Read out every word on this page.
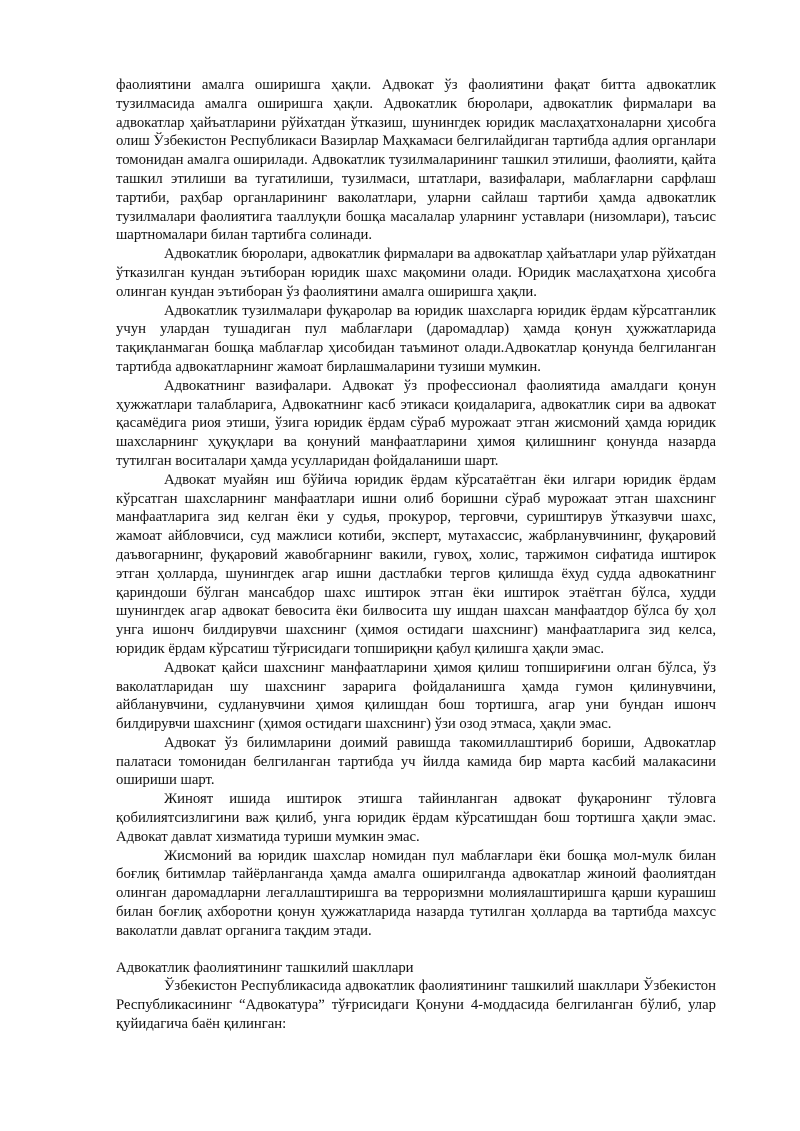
фаолиятини амалга оширишга ҳақли. Адвокат ўз фаолиятини фақат битта адвокатлик тузилмасида амалга оширишга ҳақли. Адвокатлик бюролари, адвокатлик фирмалари ва адвокатлар ҳайъатларини рўйхатдан ўтказиш, шунингдек юридик маслаҳатхоналарни ҳисобга олиш Ўзбекистон Республикаси Вазирлар Маҳкамаси белгилайдиган тартибда адлия органлари томонидан амалга оширилади. Адвокатлик тузилмаларининг ташкил этилиши, фаолияти, қайта ташкил этилиши ва тугатилиши, тузилмаси, штатлари, вазифалари, маблағларни сарфлаш тартиби, раҳбар органларининг ваколатлари, уларни сайлаш тартиби ҳамда адвокатлик тузилмалари фаолиятига тааллуқли бошқа масалалар уларнинг уставлари (низомлари), таъсис шартномалари билан тартибга солинади.

Адвокатлик бюролари, адвокатлик фирмалари ва адвокатлар ҳайъатлари улар рўйхатдан ўтказилган кундан эътиборан юридик шахс мақомини олади. Юридик маслаҳатхона ҳисобга олинган кундан эътиборан ўз фаолиятини амалга оширишга ҳақли.

Адвокатлик тузилмалари фуқаролар ва юридик шахсларга юридик ёрдам кўрсатганлик учун улардан тушадиган пул маблағлари (даромадлар) ҳамда қонун ҳужжатларида тақиқланмаган бошқа маблағлар ҳисобидан таъминот олади.Адвокатлар қонунда белгиланган тартибда адвокатларнинг жамоат бирлашмаларини тузиши мумкин.

Адвокатнинг вазифалари. Адвокат ўз профессионал фаолиятида амалдаги қонун ҳужжатлари талабларига, Адвокатнинг касб этикаси қоидаларига, адвокатлик сири ва адвокат қасамёдига риоя этиши, ўзига юридик ёрдам сўраб мурожаат этган жисмоний ҳамда юридик шахсларнинг ҳуқуқлари ва қонуний манфаатларини ҳимоя қилишнинг қонунда назарда тутилган воситалари ҳамда усулларидан фойдаланиши шарт.

Адвокат муайян иш бўйича юридик ёрдам кўрсатаётган ёки илгари юридик ёрдам кўрсатган шахсларнинг манфаатлари ишни олиб боришни сўраб мурожаат этган шахснинг манфаатларига зид келган ёки у судья, прокурор, терговчи, суриштирув ўтказувчи шахс, жамоат айбловчиси, суд мажлиси котиби, эксперт, мутахассис, жабрланувчининг, фуқаровий даъвогарнинг, фуқаровий жавобгарнинг вакили, гувоҳ, холис, таржимон сифатида иштирок этган ҳолларда, шунингдек агар ишни дастлабки тергов қилишда ёхуд судда адвокатнинг қариндоши бўлган мансабдор шахс иштирок этган ёки иштирок этаётган бўлса, худди шунингдек агар адвокат бевосита ёки билвосита шу ишдан шахсан манфаатдор бўлса бу ҳол унга ишонч билдирувчи шахснинг (ҳимоя остидаги шахснинг) манфаатларига зид келса, юридик ёрдам кўрсатиш тўғрисидаги топшириқни қабул қилишга ҳақли эмас.

Адвокат қайси шахснинг манфаатларини ҳимоя қилиш топшириғини олган бўлса, ўз ваколатларидан шу шахснинг зарарига фойдаланишга ҳамда гумон қилинувчини, айбланувчини, судланувчини ҳимоя қилишдан бош тортишга, агар уни бундан ишонч билдирувчи шахснинг (ҳимоя остидаги шахснинг) ўзи озод этмаса, ҳақли эмас.

Адвокат ўз билимларини доимий равишда такомиллаштириб бориши, Адвокатлар палатаси томонидан белгиланган тартибда уч йилда камида бир марта касбий малакасини ошириши шарт.

Жиноят ишида иштирок этишга тайинланган адвокат фуқаронинг тўловга қобилиятсизлигини важ қилиб, унга юридик ёрдам кўрсатишдан бош тортишга ҳақли эмас. Адвокат давлат хизматида туриши мумкин эмас.

Жисмоний ва юридик шахслар номидан пул маблағлари ёки бошқа мол-мулк билан боғлиқ битимлар тайёрланганда ҳамда амалга оширилганда адвокатлар жиноий фаолиятдан олинган даромадларни легаллаштиришга ва терроризмни молиялаштиришга қарши курашиш билан боғлиқ ахборотни қонун ҳужжатларида назарда тутилган ҳолларда ва тартибда махсус ваколатли давлат органига тақдим этади.

Адвокатлик фаолиятининг ташкилий шакллари

Ўзбекистон Республикасида адвокатлик фаолиятининг ташкилий шакллари Ўзбекистон Республикасининг “Адвокатура” тўғрисидаги Қонуни 4-моддасида белгиланган бўлиб, улар қуйидагича баён қилинган:
